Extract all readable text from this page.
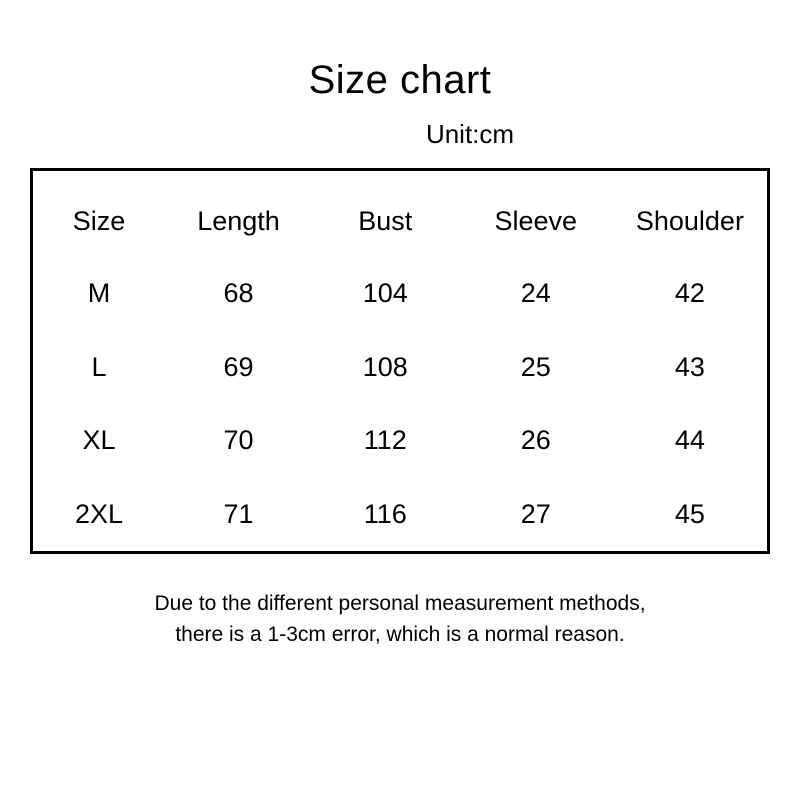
Size chart
Unit:cm
Size	Length	Bust	Sleeve	Shoulder
M	68	104	24	42
L	69	108	25	43
XL	70	112	26	44
2XL	71	116	27	45
Due to the different personal measurement methods,
there is a 1-3cm error, which is a normal reason.
